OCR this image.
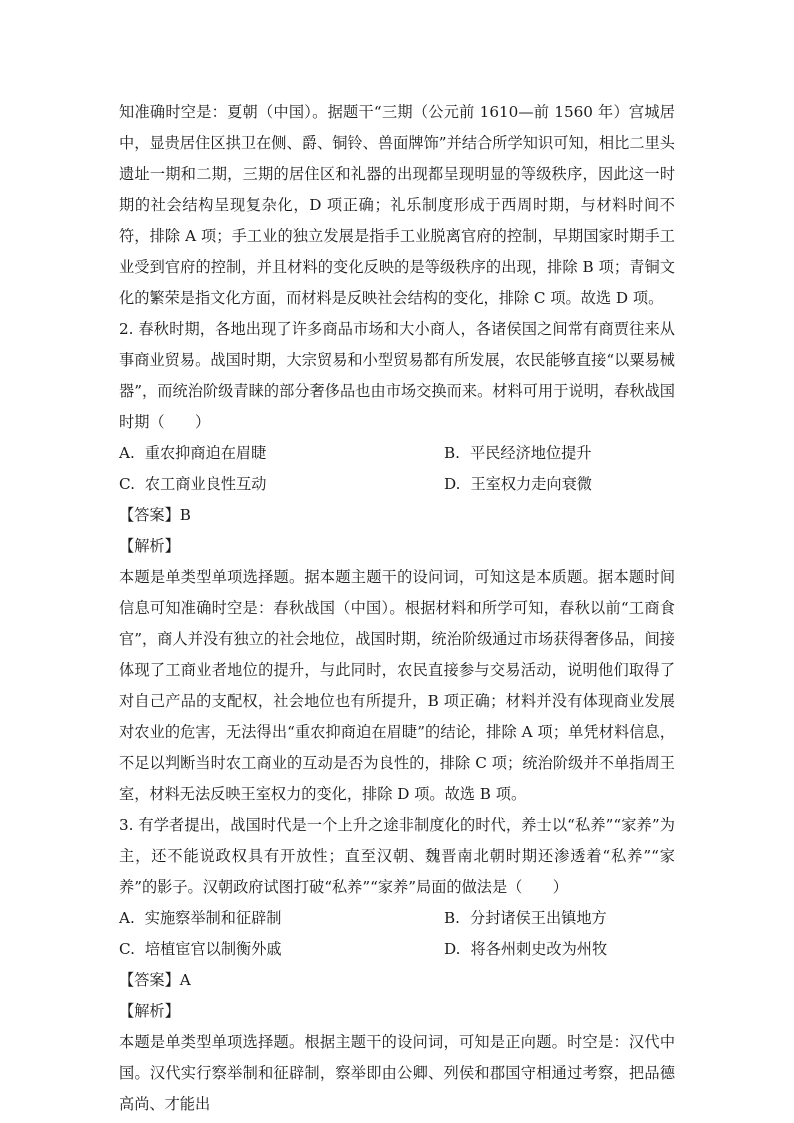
知准确时空是：夏朝（中国）。据题干“三期（公元前 1610—前 1560 年）宫城居中，显贵居住区拱卫在侧、爵、铜铃、兽面牌饰”并结合所学知识可知，相比二里头遗址一期和二期，三期的居住区和礼器的出现都呈现明显的等级秩序，因此这一时期的社会结构呈现复杂化，D 项正确；礼乐制度形成于西周时期，与材料时间不符，排除 A 项；手工业的独立发展是指手工业脱离官府的控制，早期国家时期手工业受到官府的控制，并且材料的变化反映的是等级秩序的出现，排除 B 项；青铜文化的繁荣是指文化方面，而材料是反映社会结构的变化，排除 C 项。故选 D 项。

2. 春秋时期，各地出现了许多商品市场和大小商人，各诸侯国之间常有商贾往来从事商业贸易。战国时期，大宗贸易和小型贸易都有所发展，农民能够直接“以粟易械器”，而统治阶级青睐的部分奢侈品也由市场交换而来。材料可用于说明，春秋战国时期（　　）

A. 重农抑商迫在眉睫	B. 平民经济地位提升
C. 农工商业良性互动	D. 王室权力走向衰微
【答案】B
【解析】

本题是单类型单项选择题。据本题主题干的设问词，可知这是本质题。据本题时间信息可知准确时空是：春秋战国（中国）。根据材料和所学可知，春秋以前“工商食官”，商人并没有独立的社会地位，战国时期，统治阶级通过市场获得奢侈品，间接体现了工商业者地位的提升，与此同时，农民直接参与交易活动，说明他们取得了对自己产品的支配权，社会地位也有所提升，B 项正确；材料并没有体现商业发展对农业的危害，无法得出“重农抑商迫在眉睫”的结论，排除 A 项；单凭材料信息，不足以判断当时农工商业的互动是否为良性的，排除 C 项；统治阶级并不单指周王室，材料无法反映王室权力的变化，排除 D 项。故选 B 项。

3. 有学者提出，战国时代是一个上升之途非制度化的时代，养士以“私养”“家养”为主，还不能说政权具有开放性；直至汉朝、魏晋南北朝时期还渗透着“私养”“家养”的影子。汉朝政府试图打破“私养”“家养”局面的做法是（　　）

A. 实施察举制和征辟制	B. 分封诸侯王出镇地方
C. 培植宦官以制衡外戚	D. 将各州刺史改为州牧
【答案】A
【解析】

本题是单类型单项选择题。根据主题干的设问词，可知是正向题。时空是：汉代中国。汉代实行察举制和征辟制，察举即由公卿、列侯和郡国守相通过考察，把品德高尚、才能出
